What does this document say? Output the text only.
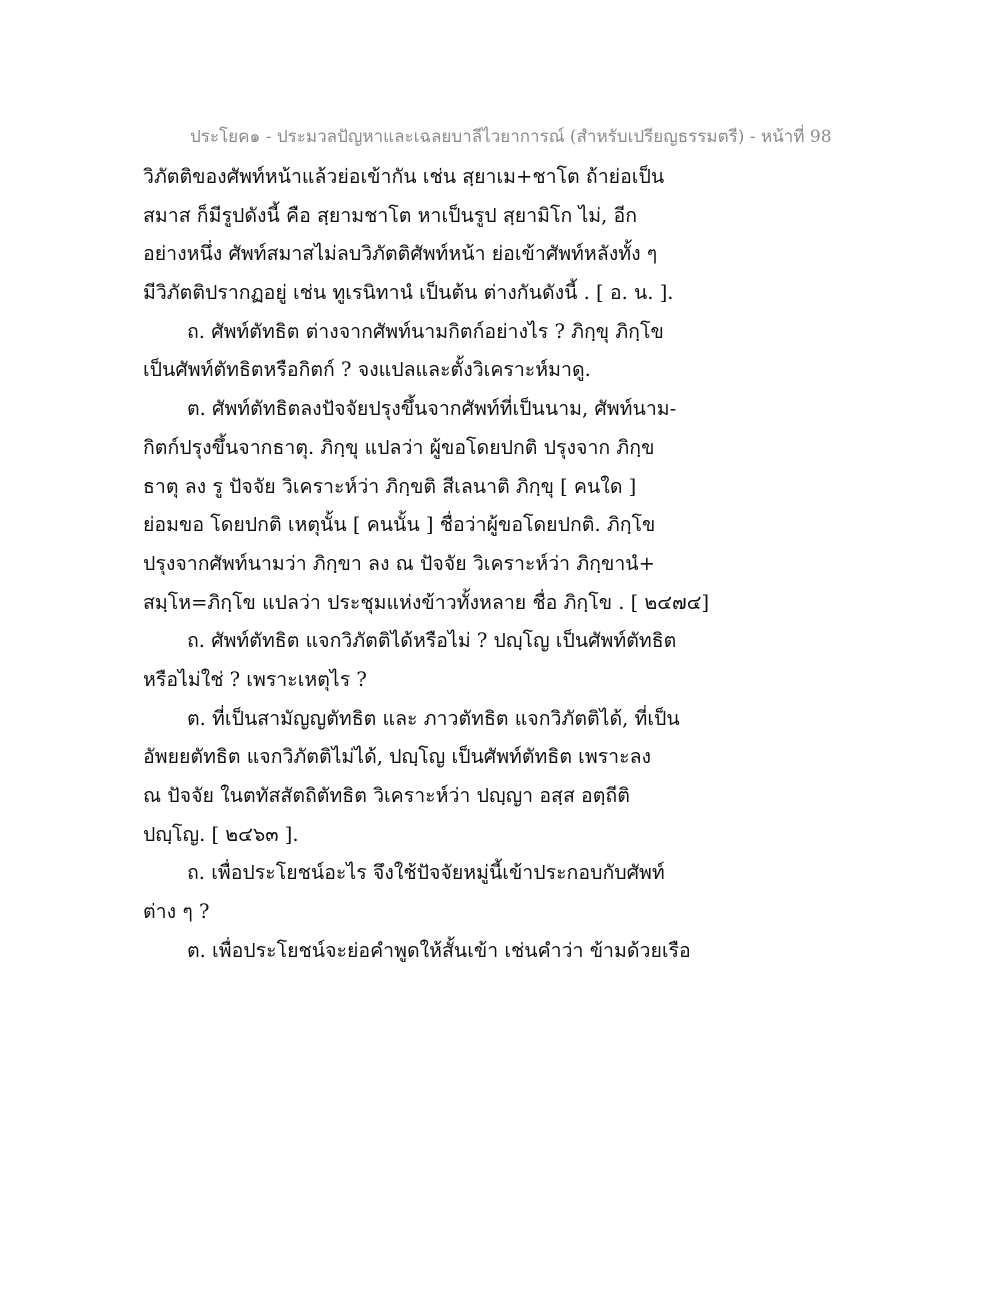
ประโยค๑ - ประมวลปัญหาและเฉลยบาลีไวยาการณ์ (สำหรับเปรียญธรรมตรี) - หน้าที่ 98
วิภัตติของศัพท์หน้าแล้วย่อเข้ากัน เช่น สฺยาเม+ชาโต ถ้าย่อเป็น
สมาส ก็มีรูปดังนี้ คือ สฺยามชาโต หาเป็นรูป สฺยามิโก ไม่, อีก
อย่างหนึ่ง ศัพท์สมาสไม่ลบวิภัตติศัพท์หน้า ย่อเข้าศัพท์หลังทั้ง ๆ
มีวิภัตติปรากฏอยู่ เช่น ทูเรนิทานํ เป็นต้น ต่างกันดังนี้ . [ อ. น. ].
ถ. ศัพท์ตัทธิต ต่างจากศัพท์นามกิตก์อย่างไร ? ภิกฺขุ ภิกฺโข
เป็นศัพท์ตัทธิตหรือกิตก์ ? จงแปลและตั้งวิเคราะห์มาดู.
ต. ศัพท์ตัทธิตลงปัจจัยปรุงขึ้นจากศัพท์ที่เป็นนาม, ศัพท์นาม-
กิตก์ปรุงขึ้นจากธาตุ. ภิกฺขุ แปลว่า ผู้ขอโดยปกติ ปรุงจาก ภิกฺข
ธาตุ ลง รู ปัจจัย วิเคราะห์ว่า ภิกฺขติ สีเลนาติ ภิกฺขุ [ คนใด ]
ย่อมขอ โดยปกติ เหตุนั้น [ คนนั้น ] ชื่อว่าผู้ขอโดยปกติ. ภิกฺโข
ปรุงจากศัพท์นามว่า ภิกฺขา ลง ณ ปัจจัย วิเคราะห์ว่า ภิกฺขานํ+
สมฺโห=ภิกฺโข แปลว่า ประชุมแห่งข้าวทั้งหลาย ชื่อ ภิกฺโข . [ ๒๔๗๔]
ถ. ศัพท์ตัทธิต แจกวิภัตติได้หรือไม่ ? ปญฺโญ เป็นศัพท์ตัทธิต
หรือไม่ใช่ ? เพราะเหตุไร ?
ต. ที่เป็นสามัญญตัทธิต และ ภาวตัทธิต แจกวิภัตติได้, ที่เป็น
อัพยยตัทธิต แจกวิภัตติไม่ได้, ปญฺโญ เป็นศัพท์ตัทธิต เพราะลง
ณ ปัจจัย ในตทัสสัตถิตัทธิต วิเคราะห์ว่า ปญฺญา อสฺส อตฺถีติ
ปญฺโญ. [ ๒๔๖๓ ].
ถ. เพื่อประโยชน์อะไร จึงใช้ปัจจัยหมู่นี้เข้าประกอบกับศัพท์
ต่าง ๆ ?
ต. เพื่อประโยชน์จะย่อคำพูดให้สั้นเข้า เช่นคำว่า ข้ามด้วยเรือ
